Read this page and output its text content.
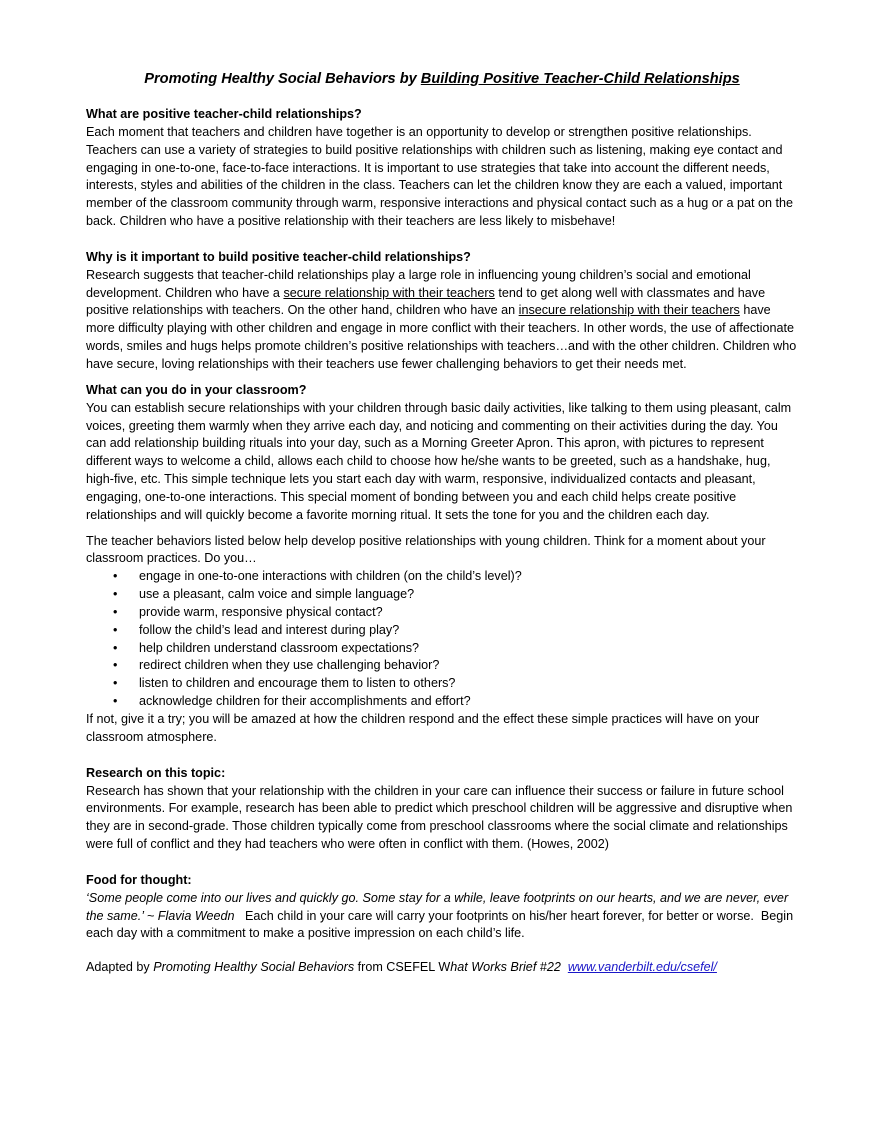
Promoting Healthy Social Behaviors by Building Positive Teacher-Child Relationships
What are positive teacher-child relationships?

Each moment that teachers and children have together is an opportunity to develop or strengthen positive relationships. Teachers can use a variety of strategies to build positive relationships with children such as listening, making eye contact and engaging in one-to-one, face-to-face interactions. It is important to use strategies that take into account the different needs, interests, styles and abilities of the children in the class. Teachers can let the children know they are each a valued, important member of the classroom community through warm, responsive interactions and physical contact such as a hug or a pat on the back. Children who have a positive relationship with their teachers are less likely to misbehave!

Why is it important to build positive teacher-child relationships?

Research suggests that teacher-child relationships play a large role in influencing young children’s social and emotional development. Children who have a secure relationship with their teachers tend to get along well with classmates and have positive relationships with teachers. On the other hand, children who have an insecure relationship with their teachers have more difficulty playing with other children and engage in more conflict with their teachers. In other words, the use of affectionate words, smiles and hugs helps promote children’s positive relationships with teachers…and with the other children. Children who have secure, loving relationships with their teachers use fewer challenging behaviors to get their needs met.

What can you do in your classroom?

You can establish secure relationships with your children through basic daily activities, like talking to them using pleasant, calm voices, greeting them warmly when they arrive each day, and noticing and commenting on their activities during the day. You can add relationship building rituals into your day, such as a Morning Greeter Apron. This apron, with pictures to represent different ways to welcome a child, allows each child to choose how he/she wants to be greeted, such as a handshake, hug, high-five, etc. This simple technique lets you start each day with warm, responsive, individualized contacts and pleasant, engaging, one-to-one interactions. This special moment of bonding between you and each child helps create positive relationships and will quickly become a favorite morning ritual. It sets the tone for you and the children each day.

The teacher behaviors listed below help develop positive relationships with young children. Think for a moment about your classroom practices. Do you…

• engage in one-to-one interactions with children (on the child’s level)?
• use a pleasant, calm voice and simple language?
• provide warm, responsive physical contact?
• follow the child’s lead and interest during play?
• help children understand classroom expectations?
• redirect children when they use challenging behavior?
• listen to children and encourage them to listen to others?
• acknowledge children for their accomplishments and effort?

If not, give it a try; you will be amazed at how the children respond and the effect these simple practices will have on your classroom atmosphere.

Research on this topic:

Research has shown that your relationship with the children in your care can influence their success or failure in future school environments. For example, research has been able to predict which preschool children will be aggressive and disruptive when they are in second-grade. Those children typically come from preschool classrooms where the social climate and relationships were full of conflict and they had teachers who were often in conflict with them. (Howes, 2002)

Food for thought:

‘Some people come into our lives and quickly go. Some stay for a while, leave footprints on our hearts, and we are never, ever the same.’ ~ Flavia Weedn   Each child in your care will carry your footprints on his/her heart forever, for better or worse.  Begin each day with a commitment to make a positive impression on each child’s life.

Adapted by Promoting Healthy Social Behaviors from CSEFEL What Works Brief #22 www.vanderbilt.edu/csefel/
